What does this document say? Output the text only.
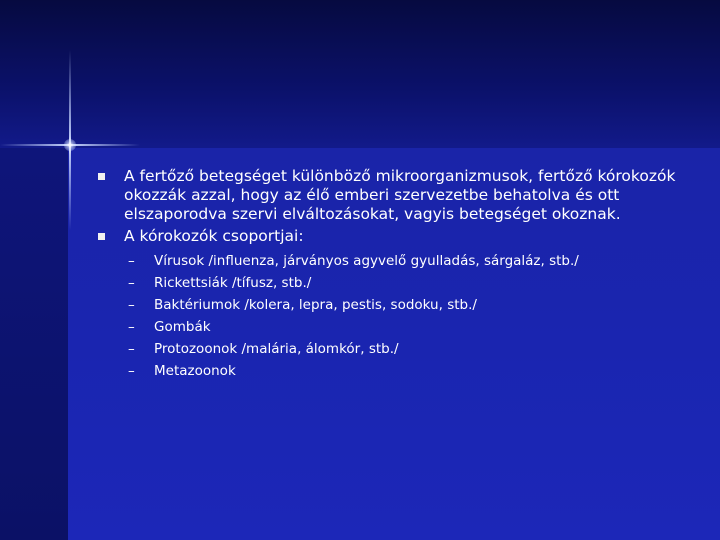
A fertőző betegséget különböző mikroorganizmusok, fertőző kórokozók okozzák azzal, hogy az élő emberi szervezetbe behatolva és ott elszaporodva szervi elváltozásokat, vagyis betegséget okoznak.
A kórokozók csoportjai:
– Vírusok /influenza, járványos agyvelő gyulladás, sárgaláz, stb./
– Rickettsiák /tífusz, stb./
– Baktériumok /kolera, lepra, pestis, sodoku, stb./
– Gombák
– Protozoonok /malária, álomkór, stb./
– Metazoonok
